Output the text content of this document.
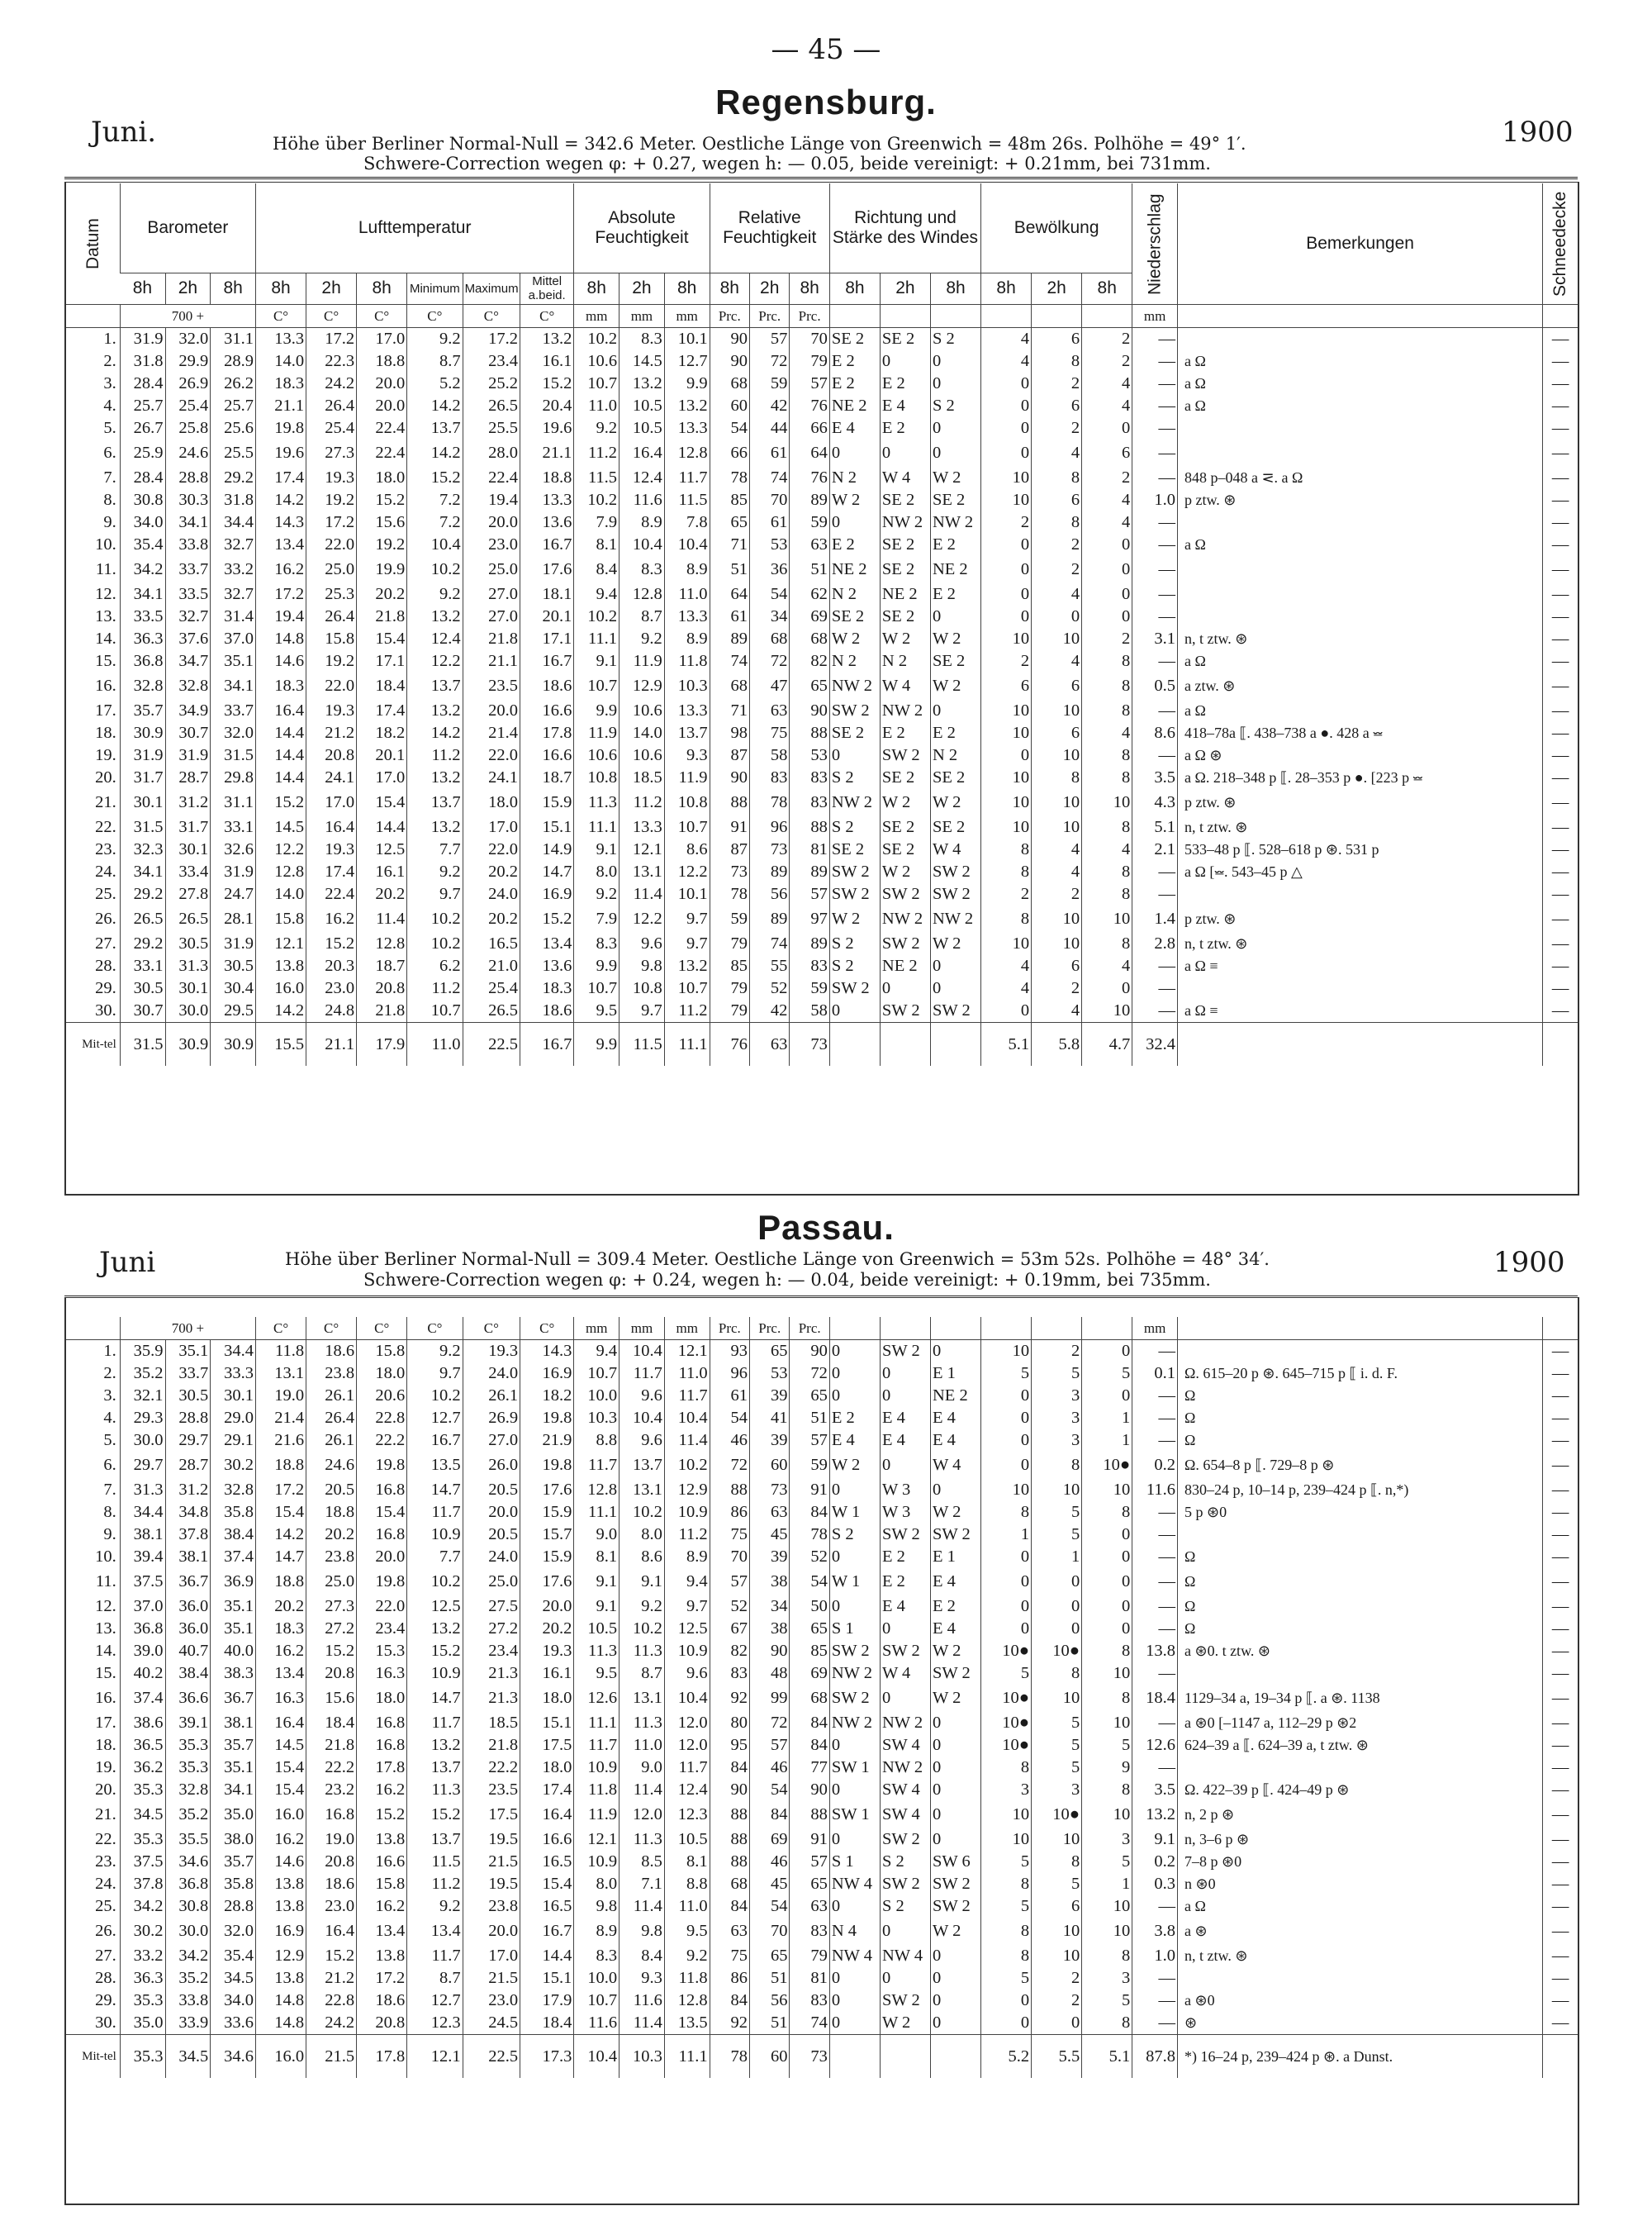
— 45 —
Regensburg.
Juni.	1900
Höhe über Berliner Normal-Null = 342.6 Meter. Oestliche Länge von Greenwich = 48m 26s. Polhöhe = 49° 1′.
Schwere-Correction wegen φ: + 0.27, wegen h: — 0.05, beide vereinigt: + 0.21mm, bei 731mm.
Datum	Barometer			Lufttemperatur						Absolute Feuchtigkeit			Relative Feuchtigkeit			Richtung und Stärke des Windes			Bewölkung			Niederschlag	Bemerkungen	Schneedecke
	8h	2h	8h	8h	2h	8h	Minimum	Maximum	Mittel a.beid.	8h	2h	8h	8h	2h	8h	8h	2h	8h	8h	2h	8h			
	700 +			C°	C°	C°	C°	C°	C°	mm	mm	mm	Prc.	Prc.	Prc.							mm		
1.	31.9	32.0	31.1	13.3	17.2	17.0	9.2	17.2	13.2	10.2	8.3	10.1	90	57	70	SE 2	SE 2	S 2	4	6	2	—		—
2.	31.8	29.9	28.9	14.0	22.3	18.8	8.7	23.4	16.1	10.6	14.5	12.7	90	72	79	E 2	0	0	4	8	2	—	a Ω	—
3.	28.4	26.9	26.2	18.3	24.2	20.0	5.2	25.2	15.2	10.7	13.2	9.9	68	59	57	E 2	E 2	0	0	2	4	—	a Ω	—
4.	25.7	25.4	25.7	21.1	26.4	20.0	14.2	26.5	20.4	11.0	10.5	13.2	60	42	76	NE 2	E 4	S 2	0	6	4	—	a Ω	—
5.	26.7	25.8	25.6	19.8	25.4	22.4	13.7	25.5	19.6	9.2	10.5	13.3	54	44	66	E 4	E 2	0	0	2	0	—		—
6.	25.9	24.6	25.5	19.6	27.3	22.4	14.2	28.0	21.1	11.2	16.4	12.8	66	61	64	0	0	0	0	4	6	—		—
7.	28.4	28.8	29.2	17.4	19.3	18.0	15.2	22.4	18.8	11.5	12.4	11.7	78	74	76	N 2	W 4	W 2	10	8	2	—	848 p–048 a ⋜. a Ω	—
8.	30.8	30.3	31.8	14.2	19.2	15.2	7.2	19.4	13.3	10.2	11.6	11.5	85	70	89	W 2	SE 2	SE 2	10	6	4	1.0	p ztw. ⊛	—
9.	34.0	34.1	34.4	14.3	17.2	15.6	7.2	20.0	13.6	7.9	8.9	7.8	65	61	59	0	NW 2	NW 2	2	8	4	—		—
10.	35.4	33.8	32.7	13.4	22.0	19.2	10.4	23.0	16.7	8.1	10.4	10.4	71	53	63	E 2	SE 2	E 2	0	2	0	—	a Ω	—
11.	34.2	33.7	33.2	16.2	25.0	19.9	10.2	25.0	17.6	8.4	8.3	8.9	51	36	51	NE 2	SE 2	NE 2	0	2	0	—		—
12.	34.1	33.5	32.7	17.2	25.3	20.2	9.2	27.0	18.1	9.4	12.8	11.0	64	54	62	N 2	NE 2	E 2	0	4	0	—		—
13.	33.5	32.7	31.4	19.4	26.4	21.8	13.2	27.0	20.1	10.2	8.7	13.3	61	34	69	SE 2	SE 2	0	0	0	0	—		—
14.	36.3	37.6	37.0	14.8	15.8	15.4	12.4	21.8	17.1	11.1	9.2	8.9	89	68	68	W 2	W 2	W 2	10	10	2	3.1	n, t ztw. ⊛	—
15.	36.8	34.7	35.1	14.6	19.2	17.1	12.2	21.1	16.7	9.1	11.9	11.8	74	72	82	N 2	N 2	SE 2	2	4	8	—	a Ω	—
16.	32.8	32.8	34.1	18.3	22.0	18.4	13.7	23.5	18.6	10.7	12.9	10.3	68	47	65	NW 2	W 4	W 2	6	6	8	0.5	a ztw. ⊛	—
17.	35.7	34.9	33.7	16.4	19.3	17.4	13.2	20.0	16.6	9.9	10.6	13.3	71	63	90	SW 2	NW 2	0	10	10	8	—	a Ω	—
18.	30.9	30.7	32.0	14.4	21.2	18.2	14.2	21.4	17.8	11.9	14.0	13.7	98	75	88	SE 2	E 2	E 2	10	6	4	8.6	418–78a ⟦. 438–738 a ●. 428 a ⏕	—
19.	31.9	31.9	31.5	14.4	20.8	20.1	11.2	22.0	16.6	10.6	10.6	9.3	87	58	53	0	SW 2	N 2	0	10	8	—	a Ω ⊛	—
20.	31.7	28.7	29.8	14.4	24.1	17.0	13.2	24.1	18.7	10.8	18.5	11.9	90	83	83	S 2	SE 2	SE 2	10	8	8	3.5	a Ω. 218–348 p ⟦. 28–353 p ●. [223 p ⏕	—
21.	30.1	31.2	31.1	15.2	17.0	15.4	13.7	18.0	15.9	11.3	11.2	10.8	88	78	83	NW 2	W 2	W 2	10	10	10	4.3	p ztw. ⊛	—
22.	31.5	31.7	33.1	14.5	16.4	14.4	13.2	17.0	15.1	11.1	13.3	10.7	91	96	88	S 2	SE 2	SE 2	10	10	8	5.1	n, t ztw. ⊛	—
23.	32.3	30.1	32.6	12.2	19.3	12.5	7.7	22.0	14.9	9.1	12.1	8.6	87	73	81	SE 2	SE 2	W 4	8	4	4	2.1	533–48 p ⟦. 528–618 p ⊛. 531 p	—
24.	34.1	33.4	31.9	12.8	17.4	16.1	9.2	20.2	14.7	8.0	13.1	12.2	73	89	89	SW 2	W 2	SW 2	8	4	8	—	a Ω [⏕. 543–45 p △	—
25.	29.2	27.8	24.7	14.0	22.4	20.2	9.7	24.0	16.9	9.2	11.4	10.1	78	56	57	SW 2	SW 2	SW 2	2	2	8	—		—
26.	26.5	26.5	28.1	15.8	16.2	11.4	10.2	20.2	15.2	7.9	12.2	9.7	59	89	97	W 2	NW 2	NW 2	8	10	10	1.4	p ztw. ⊛	—
27.	29.2	30.5	31.9	12.1	15.2	12.8	10.2	16.5	13.4	8.3	9.6	9.7	79	74	89	S 2	SW 2	W 2	10	10	8	2.8	n, t ztw. ⊛	—
28.	33.1	31.3	30.5	13.8	20.3	18.7	6.2	21.0	13.6	9.9	9.8	13.2	85	55	83	S 2	NE 2	0	4	6	4	—	a Ω ≡	—
29.	30.5	30.1	30.4	16.0	23.0	20.8	11.2	25.4	18.3	10.7	10.8	10.7	79	52	59	SW 2	0	0	4	2	0	—		—
30.	30.7	30.0	29.5	14.2	24.8	21.8	10.7	26.5	18.6	9.5	9.7	11.2	79	42	58	0	SW 2	SW 2	0	4	10	—	a Ω ≡	—
Mit-tel	31.5	30.9	30.9	15.5	21.1	17.9	11.0	22.5	16.7	9.9	11.5	11.1	76	63	73				5.1	5.8	4.7	32.4		
Passau.
Juni	1900
Höhe über Berliner Normal-Null = 309.4 Meter. Oestliche Länge von Greenwich = 53m 52s. Polhöhe = 48° 34′.
Schwere-Correction wegen φ: + 0.24, wegen h: — 0.04, beide vereinigt: + 0.19mm, bei 735mm.
	700 +			C°	C°	C°	C°	C°	C°	mm	mm	mm	Prc.	Prc.	Prc.							mm		
1.	35.9	35.1	34.4	11.8	18.6	15.8	9.2	19.3	14.3	9.4	10.4	12.1	93	65	90	0	SW 2	0	10	2	0	—		—
2.	35.2	33.7	33.3	13.1	23.8	18.0	9.7	24.0	16.9	10.7	11.7	11.0	96	53	72	0	0	E 1	5	5	5	0.1	Ω. 615–20 p ⊛. 645–715 p ⟦ i. d. F.	—
3.	32.1	30.5	30.1	19.0	26.1	20.6	10.2	26.1	18.2	10.0	9.6	11.7	61	39	65	0	0	NE 2	0	3	0	—	Ω	—
4.	29.3	28.8	29.0	21.4	26.4	22.8	12.7	26.9	19.8	10.3	10.4	10.4	54	41	51	E 2	E 4	E 4	0	3	1	—	Ω	—
5.	30.0	29.7	29.1	21.6	26.1	22.2	16.7	27.0	21.9	8.8	9.6	11.4	46	39	57	E 4	E 4	E 4	0	3	1	—	Ω	—
6.	29.7	28.7	30.2	18.8	24.6	19.8	13.5	26.0	19.8	11.7	13.7	10.2	72	60	59	W 2	0	W 4	0	8	10●	0.2	Ω. 654–8 p ⟦. 729–8 p ⊛	—
7.	31.3	31.2	32.8	17.2	20.5	16.8	14.7	20.5	17.6	12.8	13.1	12.9	88	73	91	0	W 3	0	10	10	10	11.6	830–24 p, 10–14 p, 239–424 p ⟦. n,*)	—
8.	34.4	34.8	35.8	15.4	18.8	15.4	11.7	20.0	15.9	11.1	10.2	10.9	86	63	84	W 1	W 3	W 2	8	5	8	—	5 p ⊛0	—
9.	38.1	37.8	38.4	14.2	20.2	16.8	10.9	20.5	15.7	9.0	8.0	11.2	75	45	78	S 2	SW 2	SW 2	1	5	0	—		—
10.	39.4	38.1	37.4	14.7	23.8	20.0	7.7	24.0	15.9	8.1	8.6	8.9	70	39	52	0	E 2	E 1	0	1	0	—	Ω	—
11.	37.5	36.7	36.9	18.8	25.0	19.8	10.2	25.0	17.6	9.1	9.1	9.4	57	38	54	W 1	E 2	E 4	0	0	0	—	Ω	—
12.	37.0	36.0	35.1	20.2	27.3	22.0	12.5	27.5	20.0	9.1	9.2	9.7	52	34	50	0	E 4	E 2	0	0	0	—	Ω	—
13.	36.8	36.0	35.1	18.3	27.2	23.4	13.2	27.2	20.2	10.5	10.2	12.5	67	38	65	S 1	0	E 4	0	0	0	—	Ω	—
14.	39.0	40.7	40.0	16.2	15.2	15.3	15.2	23.4	19.3	11.3	11.3	10.9	82	90	85	SW 2	SW 2	W 2	10●	10●	8	13.8	a ⊛0. t ztw. ⊛	—
15.	40.2	38.4	38.3	13.4	20.8	16.3	10.9	21.3	16.1	9.5	8.7	9.6	83	48	69	NW 2	W 4	SW 2	5	8	10	—		—
16.	37.4	36.6	36.7	16.3	15.6	18.0	14.7	21.3	18.0	12.6	13.1	10.4	92	99	68	SW 2	0	W 2	10●	10	8	18.4	1129–34 a, 19–34 p ⟦. a ⊛. 1138	—
17.	38.6	39.1	38.1	16.4	18.4	16.8	11.7	18.5	15.1	11.1	11.3	12.0	80	72	84	NW 2	NW 2	0	10●	5	10	—	a ⊛0 [–1147 a, 112–29 p ⊛2	—
18.	36.5	35.3	35.7	14.5	21.8	16.8	13.2	21.8	17.5	11.7	11.0	12.0	95	57	84	0	SW 4	0	10●	5	5	12.6	624–39 a ⟦. 624–39 a, t ztw. ⊛	—
19.	36.2	35.3	35.1	15.4	22.2	17.8	13.7	22.2	18.0	10.9	9.0	11.7	84	46	77	SW 1	NW 2	0	8	5	9	—		—
20.	35.3	32.8	34.1	15.4	23.2	16.2	11.3	23.5	17.4	11.8	11.4	12.4	90	54	90	0	SW 4	0	3	3	8	3.5	Ω. 422–39 p ⟦. 424–49 p ⊛	—
21.	34.5	35.2	35.0	16.0	16.8	15.2	15.2	17.5	16.4	11.9	12.0	12.3	88	84	88	SW 1	SW 4	0	10	10●	10	13.2	n, 2 p ⊛	—
22.	35.3	35.5	38.0	16.2	19.0	13.8	13.7	19.5	16.6	12.1	11.3	10.5	88	69	91	0	SW 2	0	10	10	3	9.1	n, 3–6 p ⊛	—
23.	37.5	34.6	35.7	14.6	20.8	16.6	11.5	21.5	16.5	10.9	8.5	8.1	88	46	57	S 1	S 2	SW 6	5	8	5	0.2	7–8 p ⊛0	—
24.	37.8	36.8	35.8	13.8	18.6	15.8	11.2	19.5	15.4	8.0	7.1	8.8	68	45	65	NW 4	SW 2	SW 2	8	5	1	0.3	n ⊛0	—
25.	34.2	30.8	28.8	13.8	23.0	16.2	9.2	23.8	16.5	9.8	11.4	11.0	84	54	63	0	S 2	SW 2	5	6	10	—	a Ω	—
26.	30.2	30.0	32.0	16.9	16.4	13.4	13.4	20.0	16.7	8.9	9.8	9.5	63	70	83	N 4	0	W 2	8	10	10	3.8	a ⊛	—
27.	33.2	34.2	35.4	12.9	15.2	13.8	11.7	17.0	14.4	8.3	8.4	9.2	75	65	79	NW 4	NW 4	0	8	10	8	1.0	n, t ztw. ⊛	—
28.	36.3	35.2	34.5	13.8	21.2	17.2	8.7	21.5	15.1	10.0	9.3	11.8	86	51	81	0	0	0	5	2	3	—		—
29.	35.3	33.8	34.0	14.8	22.8	18.6	12.7	23.0	17.9	10.7	11.6	12.8	84	56	83	0	SW 2	0	0	2	5	—	a ⊛0	—
30.	35.0	33.9	33.6	14.8	24.2	20.8	12.3	24.5	18.4	11.6	11.4	13.5	92	51	74	0	W 2	0	0	0	8	—	⊛	—
Mit-tel	35.3	34.5	34.6	16.0	21.5	17.8	12.1	22.5	17.3	10.4	10.3	11.1	78	60	73				5.2	5.5	5.1	87.8	*) 16–24 p, 239–424 p ⊛. a Dunst.	
